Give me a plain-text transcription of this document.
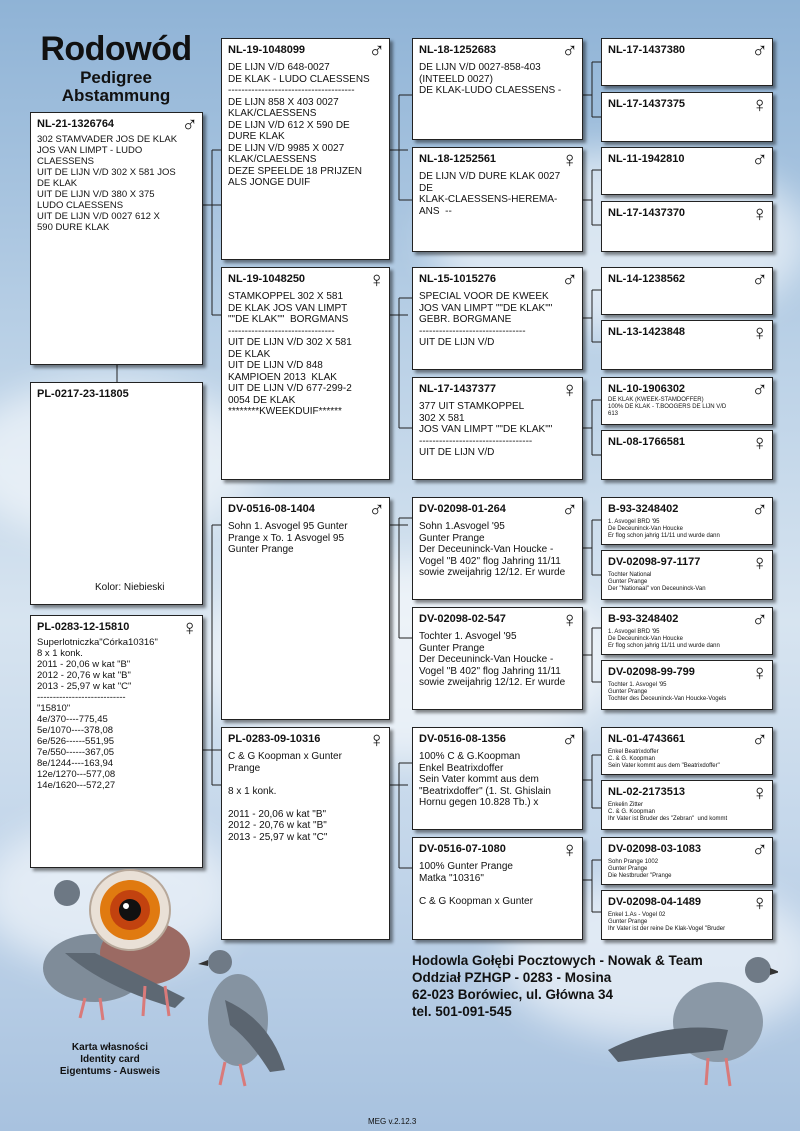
Rodowód
Pedigree
Abstammung
NL-21-1326764	♂
302 STAMVADER JOS DE KLAK
JOS VAN LIMPT - LUDO
CLAESSENS
UIT DE LIJN V/D 302 X 581 JOS
DE KLAK
UIT DE LIJN V/D 380 X 375
LUDO CLAESSENS
UIT DE LIJN V/D 0027 612 X
590 DURE KLAK
PL-0217-23-11805
Kolor: Niebieski
PL-0283-12-15810	♀
Superlotniczka"Córka10316"
8 x 1 konk.
2011 - 20,06 w kat "B"
2012 - 20,76 w kat "B"
2013 - 25,97 w kat "C"
----------------------------
"15810"
4e/370----775,45
5e/1070----378,08
6e/526------551,95
7e/550------367,05
8e/1244----163,94
12e/1270---577,08
14e/1620---572,27
NL-19-1048099	♂
DE LIJN V/D 648-0027
DE KLAK - LUDO CLAESSENS
--------------------------------------
DE LIJN 858 X 403 0027
KLAK/CLAESSENS
DE LIJN V/D 612 X 590 DE
DURE KLAK
DE LIJN V/D 9985 X 0027
KLAK/CLAESSENS
DEZE SPEELDE 18 PRIJZEN
ALS JONGE DUIF
NL-19-1048250	♀
STAMKOPPEL 302 X 581
DE KLAK JOS VAN LIMPT
""DE KLAK""  BORGMANS
--------------------------------
UIT DE LIJN V/D 302 X 581
DE KLAK
UIT DE LIJN V/D 848
KAMPIOEN 2013  KLAK
UIT DE LIJN V/D 677-299-2
0054 DE KLAK
********KWEEKDUIF******
DV-0516-08-1404	♂
Sohn 1. Asvogel 95 Gunter
Prange x To. 1 Asvogel 95
Gunter Prange
PL-0283-09-10316	♀
C & G Koopman x Gunter
Prange

8 x 1 konk.

2011 - 20,06 w kat "B"
2012 - 20,76 w kat "B"
2013 - 25,97 w kat "C"
NL-18-1252683	♂
DE LIJN V/D 0027-858-403
(INTEELD 0027)
DE KLAK-LUDO CLAESSENS -
NL-18-1252561	♀
DE LIJN V/D DURE KLAK 0027
DE
KLAK-CLAESSENS-HEREMA-
ANS  --
NL-15-1015276	♂
SPECIAL VOOR DE KWEEK
JOS VAN LIMPT ""DE KLAK""
GEBR. BORGMANE
--------------------------------
UIT DE LIJN V/D
NL-17-1437377	♀
377 UIT STAMKOPPEL
302 X 581
JOS VAN LIMPT ""DE KLAK""
----------------------------------
UIT DE LIJN V/D
DV-02098-01-264	♂
Sohn 1.Asvogel '95
Gunter Prange
Der Deceuninck-Van Houcke -
Vogel "B 402" flog Jahring 11/11
sowie zweijahrig 12/12. Er wurde
DV-02098-02-547	♀
Tochter 1. Asvogel '95
Gunter Prange
Der Deceuninck-Van Houcke -
Vogel "B 402" flog Jahring 11/11
sowie zweijahrig 12/12. Er wurde
DV-0516-08-1356	♂
100% C & G.Koopman
Enkel Beatrixdoffer
Sein Vater kommt aus dem
"Beatrixdoffer" (1. St. Ghislain
Hornu gegen 10.828 Tb.) x
DV-0516-07-1080	♀
100% Gunter Prange
Matka "10316"

C & G Koopman x Gunter
NL-17-1437380	♂
NL-17-1437375	♀
NL-11-1942810	♂
NL-17-1437370	♀
NL-14-1238562	♂
NL-13-1423848	♀
NL-10-1906302	♂
DE KLAK (KWEEK-STAMDOFFER)
100% DE KLAK - T.BOOGERS DE LIJN V/D
613
NL-08-1766581	♀
B-93-3248402	♂
1. Asvogel BRD '95
De Deceuninck-Van Houcke
Er flog schon jahrig 11/11 und wurde dann
DV-02098-97-1177	♀
Tochter National
Gunter Prange
Der "Nationaal" von Deceuninck-Van
B-93-3248402	♂
1. Asvogel BRD '95
De Deceuninck-Van Houcke
Er flog schon jahrig 11/11 und wurde dann
DV-02098-99-799	♀
Tochter 1. Asvogel '95
Gunter Prange
Tochter des Deceuninck-Van Houcke-Vogels
NL-01-4743661	♂
Enkel Beatrixdoffer
C. & G. Koopman
Sein Vater kommt aus dem "Beatrixdoffer"
NL-02-2173513	♀
Enkelin Zitter
C. & G. Koopman
Ihr Vater ist Bruder des "Zebran"  und kommt
DV-02098-03-1083	♂
Sohn Prange 1002
Gunter Prange
Die Nestbruder "Prange
DV-02098-04-1489	♀
Enkel 1.As - Vogel 02
Gunter Prange
Ihr Vater ist der reine De Klak-Vogel "Bruder
Hodowla Gołębi Pocztowych - Nowak & Team
Oddział PZHGP - 0283 - Mosina
62-023 Borówiec, ul. Główna 34
tel. 501-091-545
Karta własności
Identity card
Eigentums - Ausweis
MEG v.2.12.3
